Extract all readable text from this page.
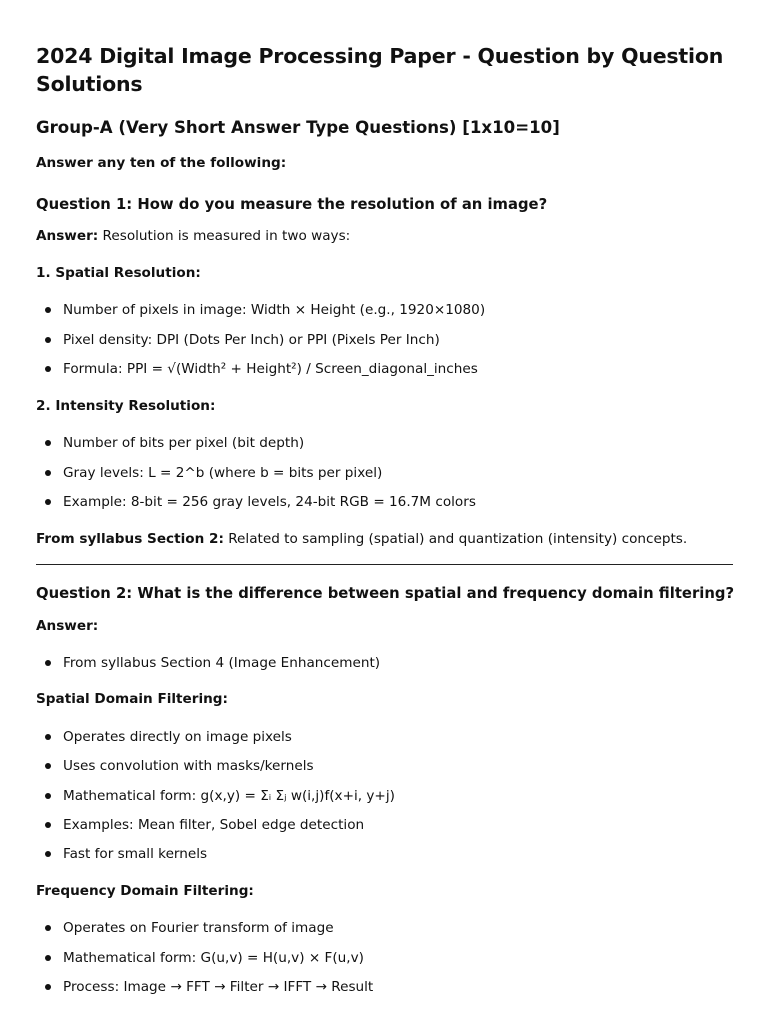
2024 Digital Image Processing Paper - Question by Question Solutions
Group-A (Very Short Answer Type Questions) [1x10=10]

Answer any ten of the following:

Question 1: How do you measure the resolution of an image?

Answer: Resolution is measured in two ways:

1. Spatial Resolution:

Number of pixels in image: Width × Height (e.g., 1920×1080)

Pixel density: DPI (Dots Per Inch) or PPI (Pixels Per Inch)

Formula: PPI = √(Width² + Height²) / Screen_diagonal_inches

2. Intensity Resolution:

Number of bits per pixel (bit depth)

Gray levels: L = 2^b (where b = bits per pixel)

Example: 8-bit = 256 gray levels, 24-bit RGB = 16.7M colors

From syllabus Section 2: Related to sampling (spatial) and quantization (intensity) concepts.

Question 2: What is the difference between spatial and frequency domain filtering?

Answer:

From syllabus Section 4 (Image Enhancement)

Spatial Domain Filtering:

Operates directly on image pixels

Uses convolution with masks/kernels

Mathematical form: g(x,y) = Σᵢ Σⱼ w(i,j)f(x+i, y+j)

Examples: Mean filter, Sobel edge detection

Fast for small kernels

Frequency Domain Filtering:

Operates on Fourier transform of image

Mathematical form: G(u,v) = H(u,v) × F(u,v)

Process: Image → FFT → Filter → IFFT → Result
